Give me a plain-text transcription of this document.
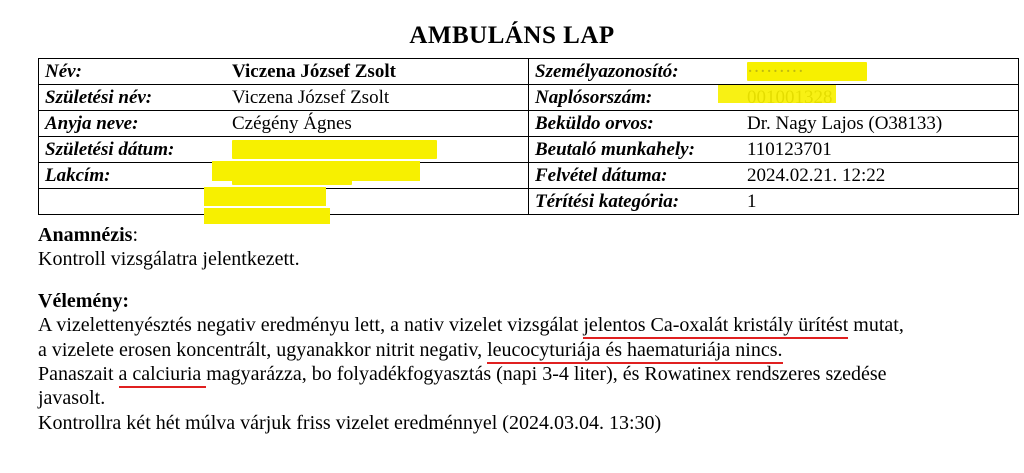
AMBULÁNS LAP
Név:	Viczena József Zsolt	Személyazonosító:	·········
Születési név:	Viczena József Zsolt	Naplósorszám:	
Anyja neve:	Czégény Ágnes	Beküldo orvos:	Dr. Nagy Lajos (O38133)
Születési dátum:		Beutaló munkahely:	110123701
Lakcím:		Felvétel dátuma:	2024.02.21. 12:22
		Térítési kategória:	1

Anamnézis:

Kontroll vizsgálatra jelentkezett.

Vélemény:

A vizelettenyésztés negativ eredményu lett, a nativ vizelet vizsgálat jelentos Ca-oxalát kristály ürítést mutat,

a vizelete erosen koncentrált, ugyanakkor nitrit negativ, leucocyturiája és haematuriája nincs.

Panaszait a calciuria magyarázza, bo folyadékfogyasztás (napi 3-4 liter), és Rowatinex rendszeres szedése

javasolt.

Kontrollra két hét múlva várjuk friss vizelet eredménnyel (2024.03.04. 13:30)
